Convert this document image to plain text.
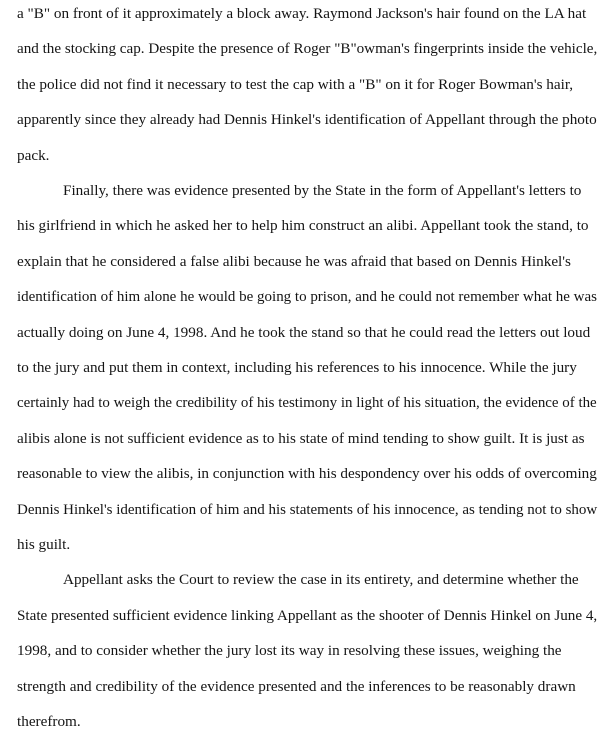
a "B" on front of it approximately a block away. Raymond Jackson's hair found on the LA hat
and the stocking cap. Despite the presence of Roger "B"owman's fingerprints inside the vehicle,
the police did not find it necessary to test the cap with a "B" on it for Roger Bowman's hair,
apparently since they already had Dennis Hinkel's identification of Appellant through the photo
pack.
Finally, there was evidence presented by the State in the form of Appellant's letters to
his girlfriend in which he asked her to help him construct an alibi. Appellant took the stand, to
explain that he considered a false alibi because he was afraid that based on Dennis Hinkel's
identification of him alone he would be going to prison, and he could not remember what he was
actually doing on June 4, 1998. And he took the stand so that he could read the letters out loud
to the jury and put them in context, including his references to his innocence. While the jury
certainly had to weigh the credibility of his testimony in light of his situation, the evidence of the
alibis alone is not sufficient evidence as to his state of mind tending to show guilt. It is just as
reasonable to view the alibis, in conjunction with his despondency over his odds of overcoming
Dennis Hinkel's identification of him and his statements of his innocence, as tending not to show
his guilt.
Appellant asks the Court to review the case in its entirety, and determine whether the
State presented sufficient evidence linking Appellant as the shooter of Dennis Hinkel on June 4,
1998, and to consider whether the jury lost its way in resolving these issues, weighing the
strength and credibility of the evidence presented and the inferences to be reasonably drawn
therefrom.
